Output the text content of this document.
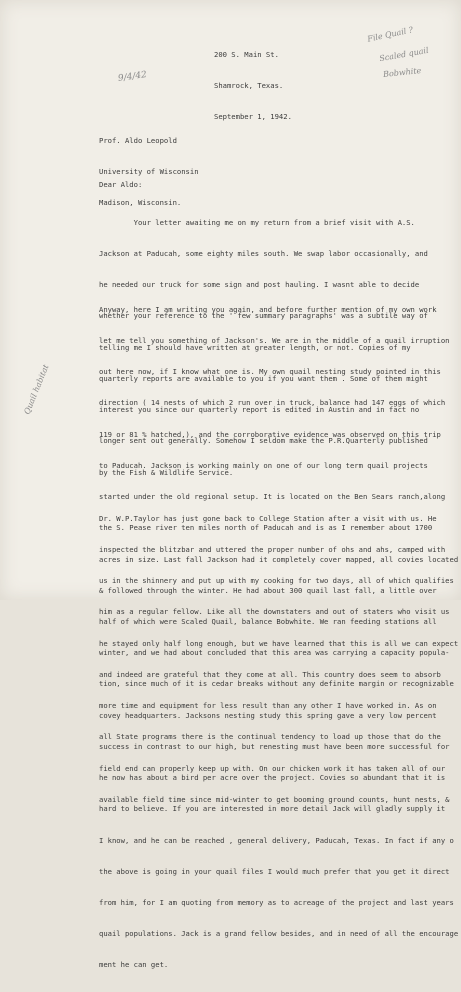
200 S. Main St.

Shamrock, Texas.

September 1, 1942.

File Quail ?
Scaled quail
Bobwhite
9/4/42
Quail habitat

Prof. Aldo Leopold

University of Wisconsin

Madison, Wisconsin.

Dear Aldo:

Your letter awaiting me on my return from a brief visit with A.S.

Jackson at Paducah, some eighty miles south. We swap labor occasionally, and

he needed our truck for some sign and post hauling. I wasnt able to decide

whether your reference to the ' few summary paragraphs' was a subtile way of

telling me I should have written at greater length, or not. Copies of my

quarterly reports are available to you if you want them . Some of them might

interest you since our quarterly report is edited in Austin and in fact no

longer sent out generally. Somehow I seldom make the P.R.Quarterly published

by the Fish & Wildlife Service.

Anyway, here I am writing you again, and before further mention of my own work

let me tell you something of Jackson's. We are in the middle of a quail irruption

out here now, if I know what one is. My own quail nesting study pointed in this

direction ( 14 nests of which 2 run over in truck, balance had 147 eggs of which

119 or 81 % hatched,), and the corroborative evidence was observed on this trip

to Paducah. Jackson is working mainly on one of our long term quail projects

started under the old regional setup. It is located on the Ben Sears ranch,along

the S. Pease river ten miles north of Paducah and is as I remember about 1700

acres in size. Last fall Jackson had it completely cover mapped, all covies located

& followed through the winter. He had about 300 quail last fall, a little over

half of which were Scaled Quail, balance Bobwhite. We ran feeding stations all

winter, and we had about concluded that this area was carrying a capacity popula-

tion, since much of it is cedar breaks without any definite margin or recognizable

covey headquarters. Jacksons nesting study this spring gave a very low percent

success in contrast to our high, but renesting must have been more successful for

he now has about a bird per acre over the project. Covies so abundant that it is

hard to believe. If you are interested in more detail Jack will gladly supply it

I know, and he can be reached , general delivery, Paducah, Texas. In fact if any o

the above is going in your quail files I would much prefer that you get it direct

from him, for I am quoting from memory as to acreage of the project and last years

quail populations. Jack is a grand fellow besides, and in need of all the encourage

ment he can get.

Dr. W.P.Taylor has just gone back to College Station after a visit with us. He

inspected the blitzbar and uttered the proper number of ohs and ahs, camped with

us in the shinnery and put up with my cooking for two days, all of which qualifies

him as a regular fellow. Like all the downstaters and out of staters who visit us

he stayed only half long enough, but we have learned that this is all we can expect

and indeed are grateful that they come at all. This country does seem to absorb

more time and equipment for less result than any other I have worked in. As on

all State programs there is the continual tendency to load up those that do the

field end can properly keep up with. On our chicken work it has taken all of our

available field time since mid-winter to get booming ground counts, hunt nests, &
